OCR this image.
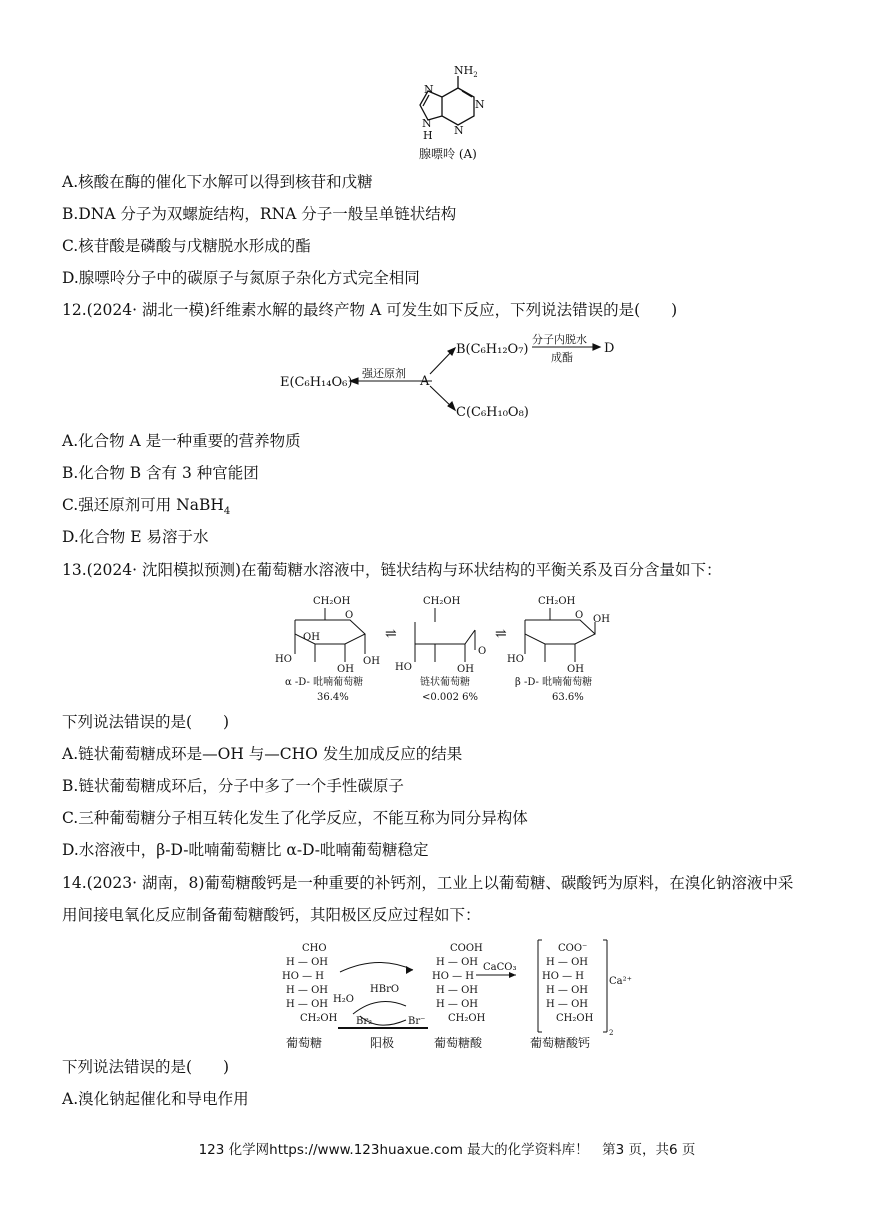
$NH_2$
N
N
N
N
H
腺嘌呤 (A)
A.核酸在酶的催化下水解可以得到核苷和戊糖
B.DNA 分子为双螺旋结构，RNA 分子一般呈单链状结构
C.核苷酸是磷酸与戊糖脱水形成的酯
D.腺嘌呤分子中的碳原子与氮原子杂化方式完全相同
12.(2024· 湖北一模)纤维素水解的最终产物 A 可发生如下反应，下列说法错误的是(　　)
B(C₆H₁₂O₇)
分子内脱水
成酯
D
A
强还原剂
E(C₆H₁₄O₆)
C(C₆H₁₀O₈)
A.化合物 A 是一种重要的营养物质
B.化合物 B 含有 3 种官能团
C.强还原剂可用 NaBH$_4$
D.化合物 E 易溶于水
13.(2024· 沈阳模拟预测)在葡萄糖水溶液中，链状结构与环状结构的平衡关系及百分含量如下：
⇌	⇌
CH₂OH	CH₂OH	CH₂OH
O	O
O
OH
HO
OH
OH
HO	OH
HO
OH
OH
α -D- 吡喃葡萄糖
36.4%
链状葡萄糖
<0.002 6%
β -D- 吡喃葡萄糖
63.6%
下列说法错误的是(　　)
A.链状葡萄糖成环是—OH 与—CHO 发生加成反应的结果
B.链状葡萄糖成环后，分子中多了一个手性碳原子
C.三种葡萄糖分子相互转化发生了化学反应，不能互称为同分异构体
D.水溶液中，β-D-吡喃葡萄糖比 α-D-吡喃葡萄糖稳定
14.(2023· 湖南，8)葡萄糖酸钙是一种重要的补钙剂，工业上以葡萄糖、碳酸钙为原料，在溴化钠溶液中采
用间接电氧化反应制备葡萄糖酸钙，其阳极区反应过程如下：
CHO
H — OH
HO — H
H — OH
H — OH
CH₂OH
H₂O
HBrO
Br₂	Br⁻
COOH
H — OH
HO — H
H — OH
H — OH
CH₂OH
CaCO₃
COO⁻
H — OH
HO — H
H — OH
H — OH
CH₂OH
Ca²⁺
2
葡萄糖	阳极	葡萄糖酸	葡萄糖酸钙
下列说法错误的是(　　)
A.溴化钠起催化和导电作用
123 化学网https://www.123huaxue.com 最大的化学资料库！　第3 页，共6 页
